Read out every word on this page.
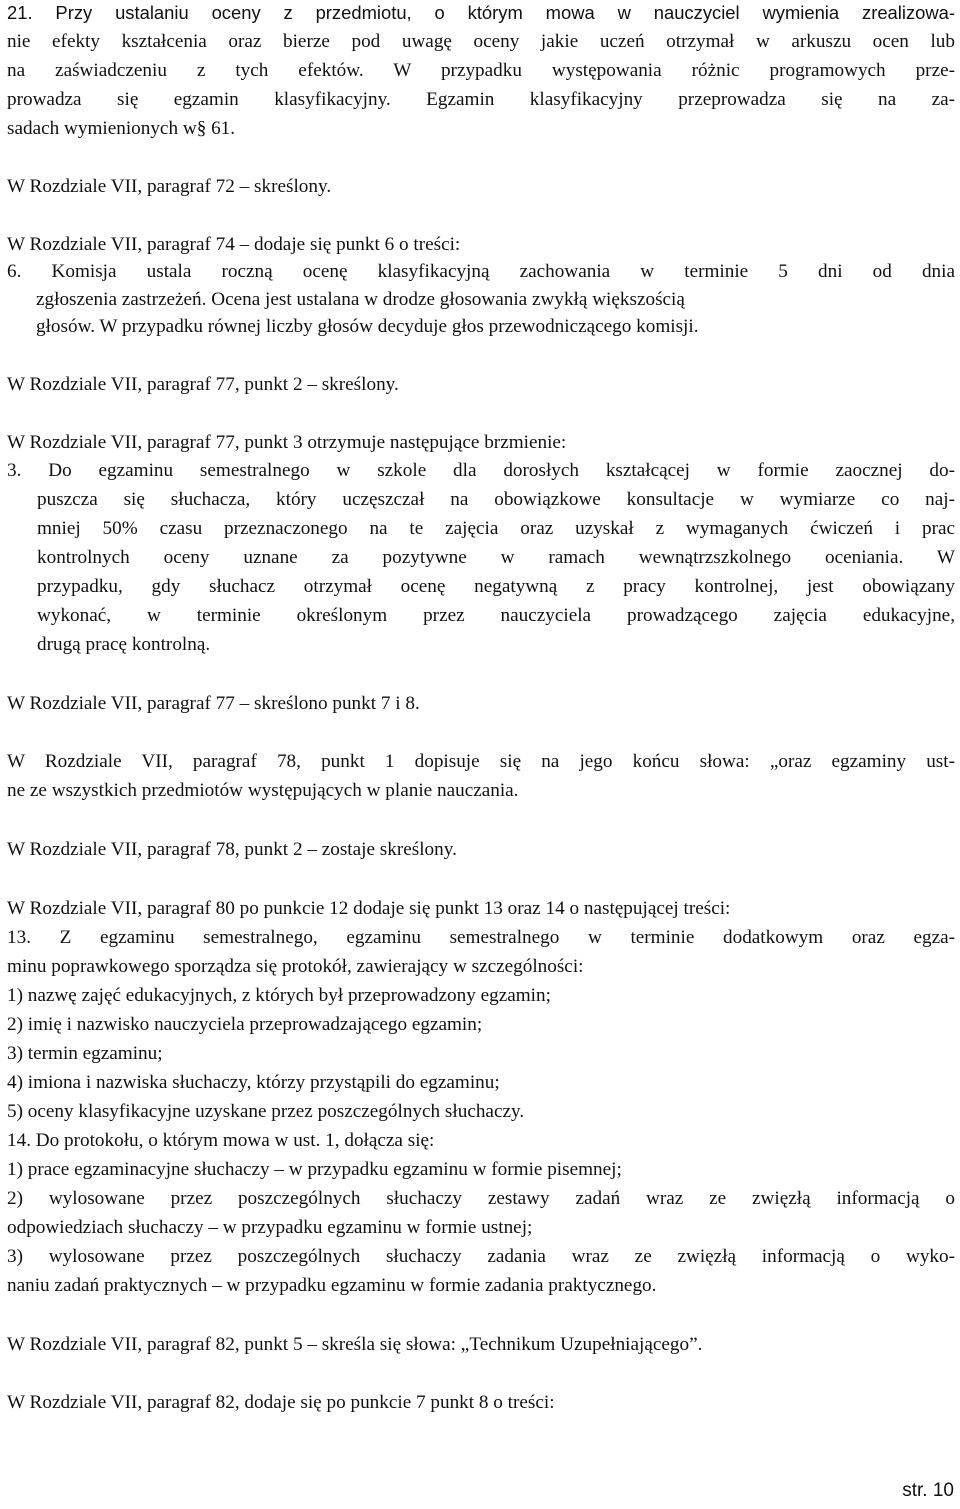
21. Przy ustalaniu oceny z przedmiotu, o którym mowa w nauczyciel wymienia zrealizowa-
nie efekty kształcenia oraz bierze pod uwagę oceny jakie uczeń otrzymał w arkuszu ocen lub
na zaświadczeniu z tych efektów. W przypadku występowania różnic programowych prze-
prowadza się egzamin klasyfikacyjny. Egzamin klasyfikacyjny przeprowadza się na za-
sadach wymienionych w§ 61.
W Rozdziale VII, paragraf 72 – skreślony.
W Rozdziale VII, paragraf 74 – dodaje się punkt 6 o treści:
6. Komisja ustala roczną ocenę klasyfikacyjną zachowania w terminie 5 dni od dnia
zgłoszenia zastrzeżeń. Ocena jest ustalana w drodze głosowania zwykłą większością
głosów. W przypadku równej liczby głosów decyduje głos przewodniczącego komisji.
W Rozdziale VII, paragraf 77, punkt 2 – skreślony.
W Rozdziale VII, paragraf 77, punkt 3 otrzymuje następujące brzmienie:
3. Do egzaminu semestralnego w szkole dla dorosłych kształcącej w formie zaocznej do-
puszcza się słuchacza, który uczęszczał na obowiązkowe konsultacje w wymiarze co naj-
mniej 50% czasu przeznaczonego na te zajęcia oraz uzyskał z wymaganych ćwiczeń i prac
kontrolnych oceny uznane za pozytywne w ramach wewnątrzszkolnego oceniania. W
przypadku, gdy słuchacz otrzymał ocenę negatywną z pracy kontrolnej, jest obowiązany
wykonać, w terminie określonym przez nauczyciela prowadzącego zajęcia edukacyjne,
drugą pracę kontrolną.
W Rozdziale VII, paragraf 77 – skreślono punkt 7 i 8.
W Rozdziale VII, paragraf 78, punkt 1 dopisuje się na jego końcu słowa: „oraz egzaminy ust-
ne ze wszystkich przedmiotów występujących w planie nauczania.
W Rozdziale VII, paragraf 78, punkt 2 – zostaje skreślony.
W Rozdziale VII, paragraf 80 po punkcie 12 dodaje się punkt 13 oraz 14 o następującej treści:
13. Z egzaminu semestralnego, egzaminu semestralnego w terminie dodatkowym oraz egza-
minu poprawkowego sporządza się protokół, zawierający w szczególności:
1) nazwę zajęć edukacyjnych, z których był przeprowadzony egzamin;
2) imię i nazwisko nauczyciela przeprowadzającego egzamin;
3) termin egzaminu;
4) imiona i nazwiska słuchaczy, którzy przystąpili do egzaminu;
5) oceny klasyfikacyjne uzyskane przez poszczególnych słuchaczy.
14. Do protokołu, o którym mowa w ust. 1, dołącza się:
1) prace egzaminacyjne słuchaczy – w przypadku egzaminu w formie pisemnej;
2) wylosowane przez poszczególnych słuchaczy zestawy zadań wraz ze zwięzłą informacją o
odpowiedziach słuchaczy – w przypadku egzaminu w formie ustnej;
3) wylosowane przez poszczególnych słuchaczy zadania wraz ze zwięzłą informacją o wyko-
naniu zadań praktycznych – w przypadku egzaminu w formie zadania praktycznego.
W Rozdziale VII, paragraf 82, punkt 5 – skreśla się słowa: „Technikum Uzupełniającego”.
W Rozdziale VII, paragraf 82, dodaje się po punkcie 7 punkt 8 o treści:
str. 10
